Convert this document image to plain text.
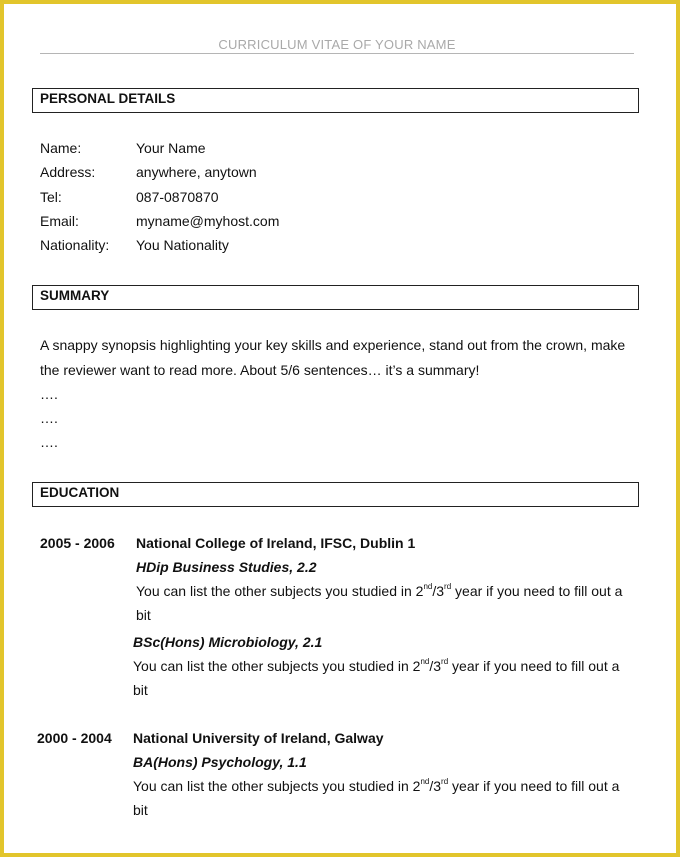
CURRICULUM VITAE OF YOUR NAME
PERSONAL DETAILS
Name:	Your Name
Address:	anywhere, anytown
Tel:	087-0870870
Email:	myname@myhost.com
Nationality:	You Nationality
SUMMARY
A snappy synopsis highlighting your key skills and experience, stand out from the crown, make
the reviewer want to read more. About 5/6 sentences… it’s a summary!
….
….
….
EDUCATION
2005 - 2006 National College of Ireland, IFSC, Dublin 1
HDip Business Studies, 2.2
You can list the other subjects you studied in 2nd/3rd year if you need to fill out a
bit
BSc(Hons) Microbiology, 2.1
You can list the other subjects you studied in 2nd/3rd year if you need to fill out a
bit
2000 - 2004 National University of Ireland, Galway
BA(Hons) Psychology, 1.1
You can list the other subjects you studied in 2nd/3rd year if you need to fill out a
bit
